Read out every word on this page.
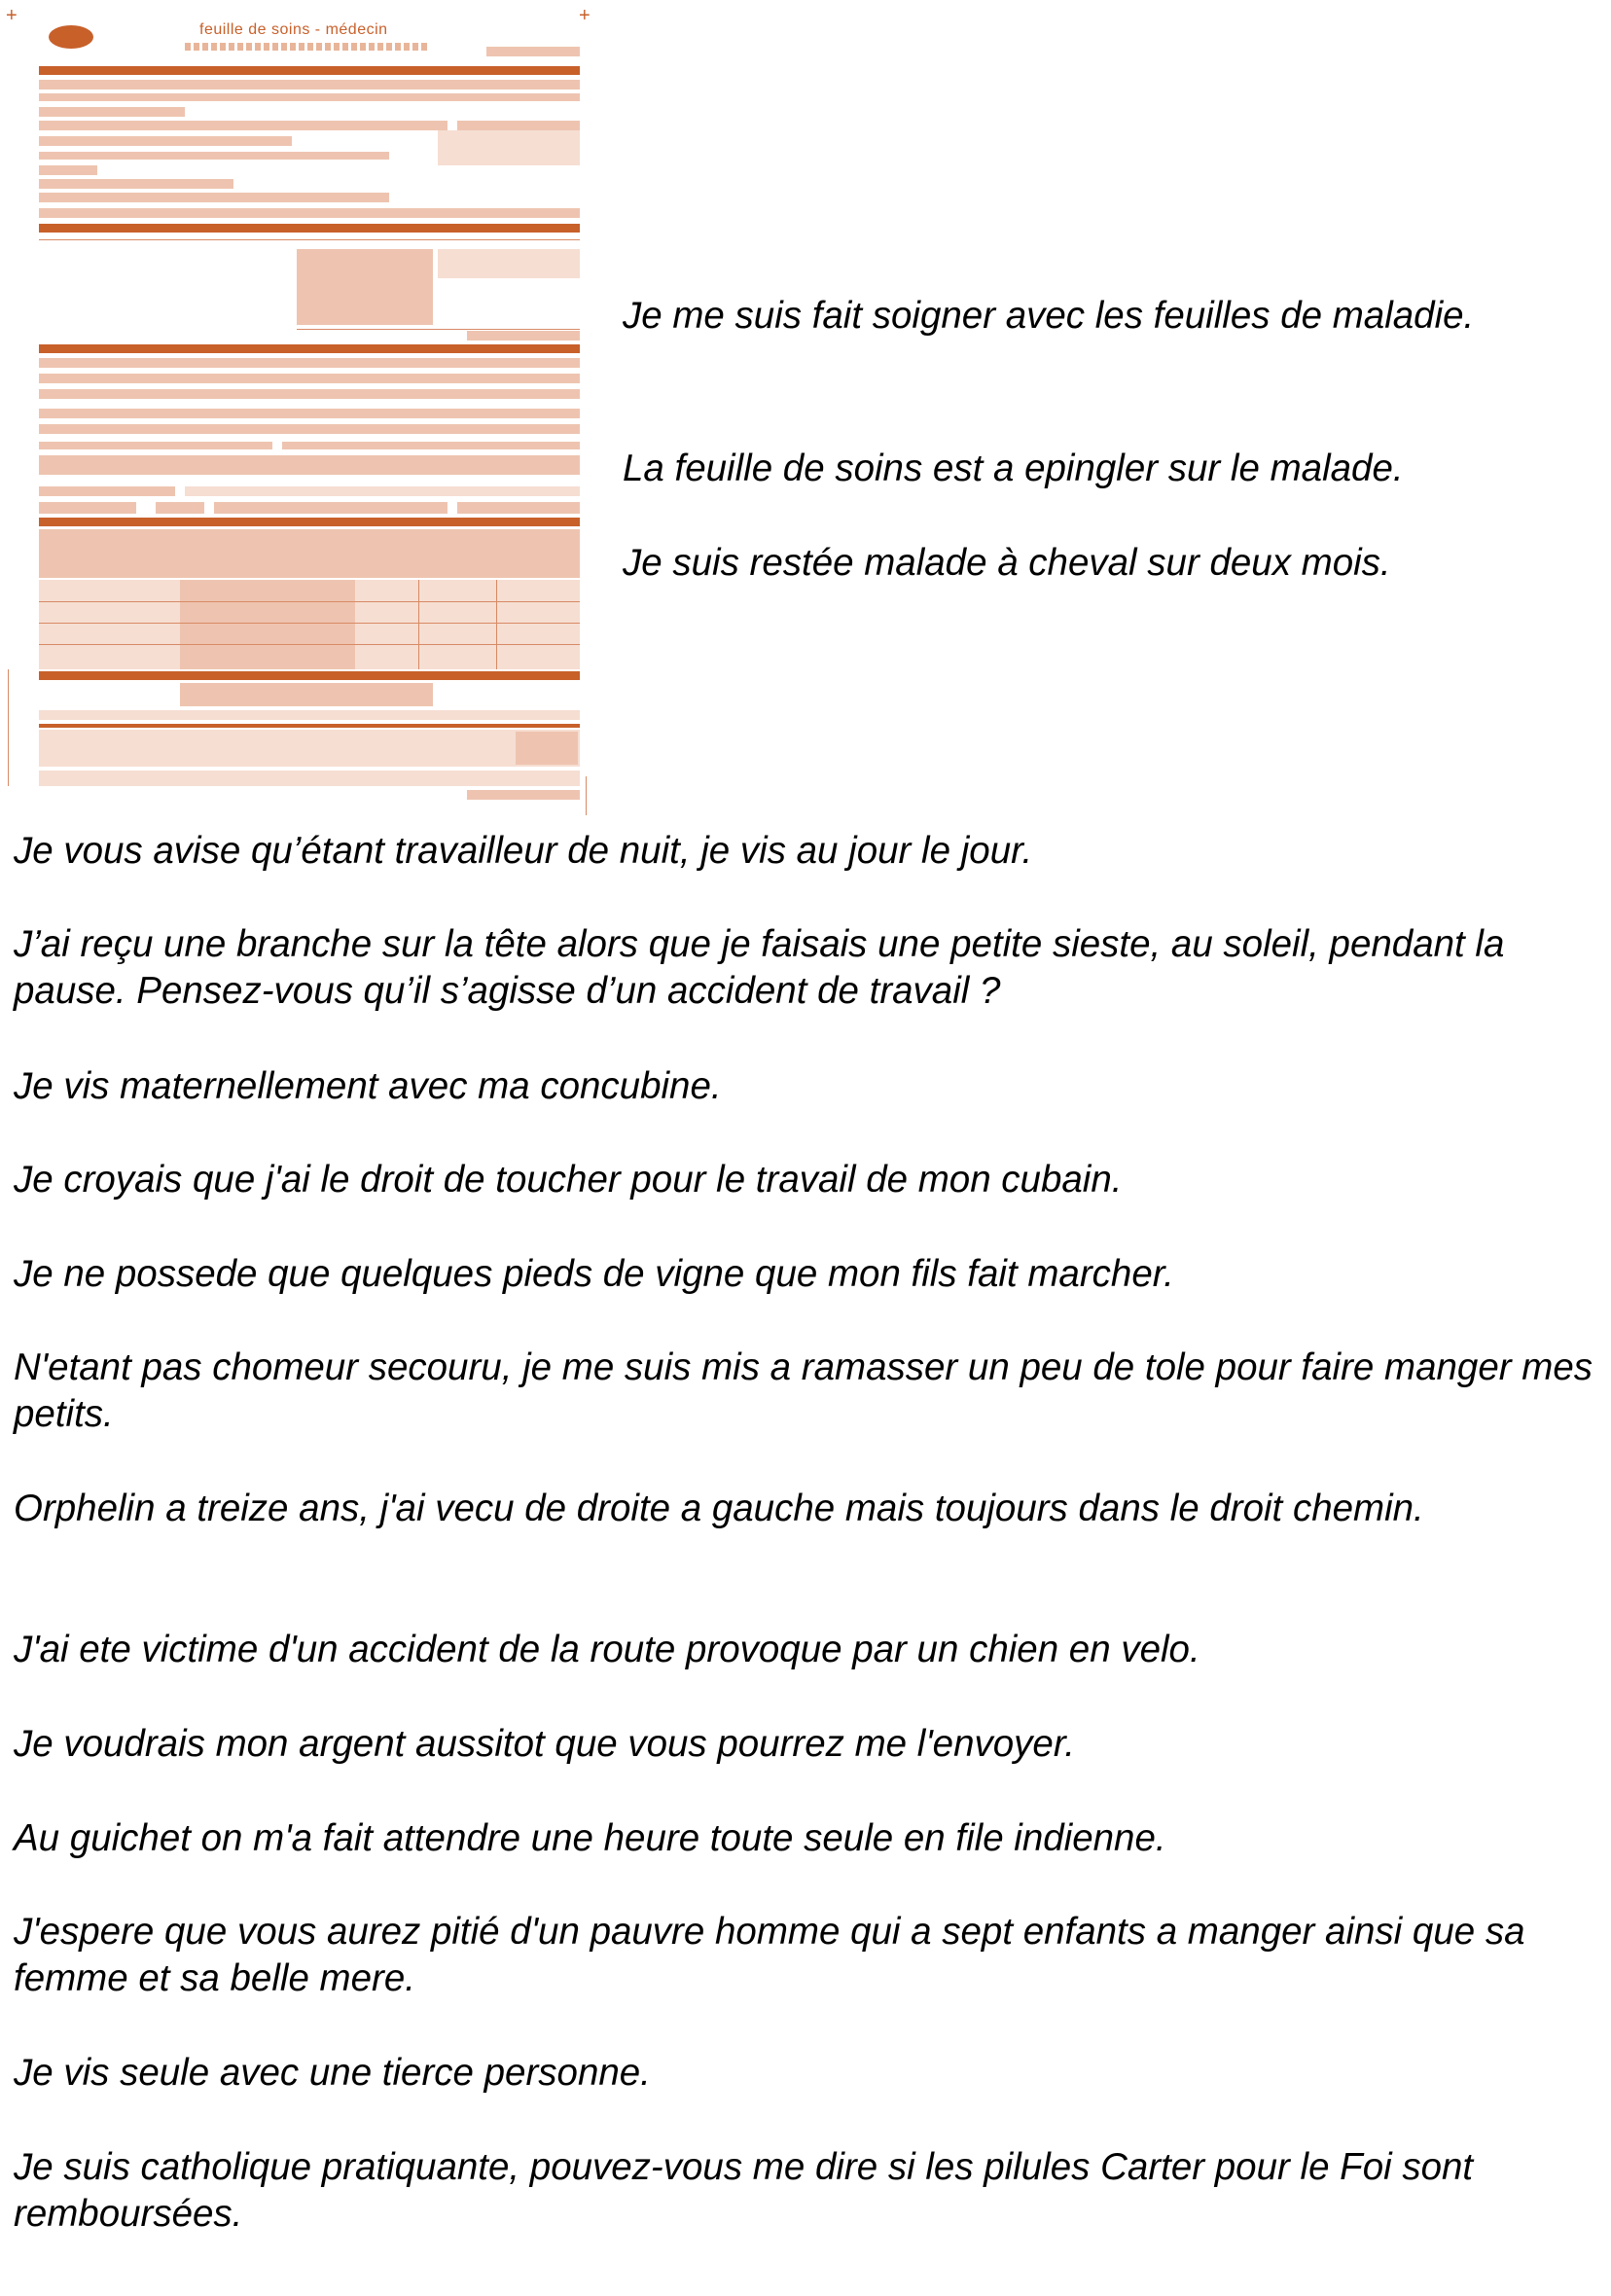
+	+
feuille de soins - médecin

Je me suis fait soigner avec les feuilles de maladie.

La feuille de soins est a epingler sur le malade.

Je suis restée malade à cheval sur deux mois.

Je vous avise qu’étant travailleur de nuit, je vis au jour le jour.

J’ai reçu une branche sur la tête alors que je faisais une petite sieste, au soleil, pendant la pause. Pensez-vous qu’il s’agisse d’un accident de travail ?

Je vis maternellement avec ma concubine.

Je croyais que j'ai le droit de toucher pour le travail de mon cubain.

Je ne possede que quelques pieds de vigne que mon fils fait marcher.

N'etant pas chomeur secouru, je me suis mis a ramasser un peu de tole pour faire manger mes petits.

Orphelin a treize ans, j'ai vecu de droite a gauche mais toujours dans le droit chemin.

J'ai ete victime d'un accident de la route provoque par un chien en velo.

Je voudrais mon argent aussitot que vous pourrez me l'envoyer.

Au guichet on m'a fait attendre une heure toute seule en file indienne.

J'espere que vous aurez pitié d'un pauvre homme qui a sept enfants a manger ainsi que sa femme et sa belle mere.

Je vis seule avec une tierce personne.

Je suis catholique pratiquante, pouvez-vous me dire si les pilules Carter pour le Foi sont remboursées.
